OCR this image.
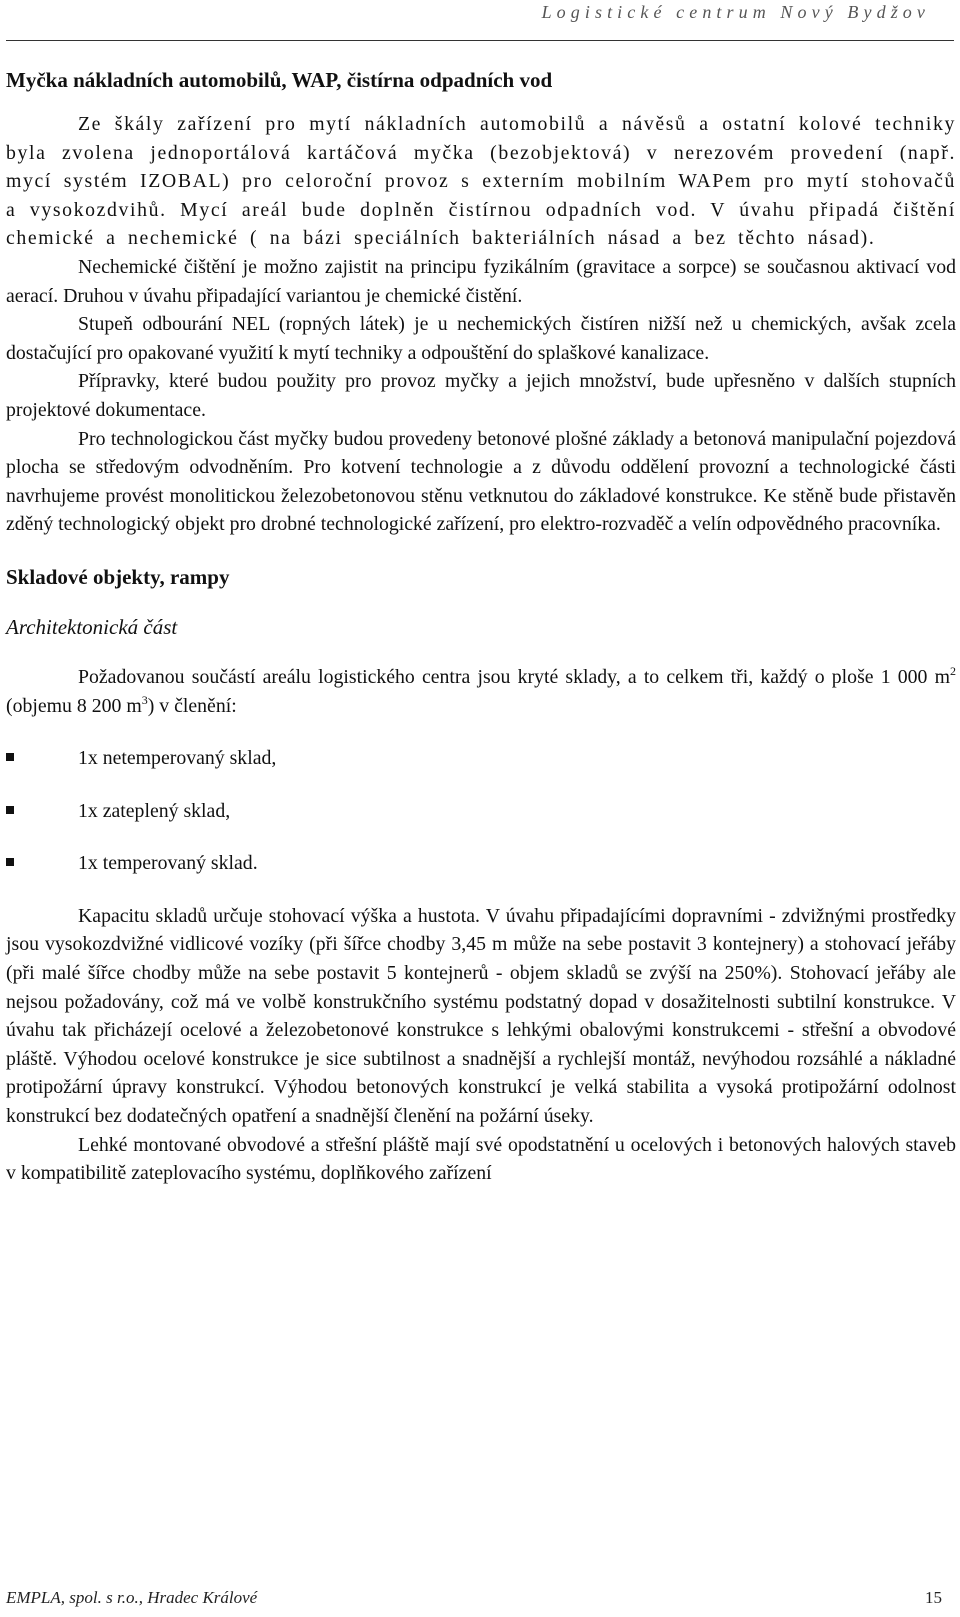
Logistické centrum Nový Bydžov
Myčka nákladních automobilů, WAP, čistírna odpadních vod

Ze škály zařízení pro mytí nákladních automobilů a návěsů a ostatní kolové techniky byla zvolena jednoportálová kartáčová myčka (bezobjektová) v nerezovém provedení (např. mycí systém IZOBAL) pro celoroční provoz s externím mobilním WAPem pro mytí stohovačů a vysokozdvihů. Mycí areál bude doplněn čistírnou odpadních vod. V úvahu připadá čištění chemické a nechemické ( na bázi speciálních bakteriálních násad a bez těchto násad).

Nechemické čištění je možno zajistit na principu fyzikálním (gravitace a sorpce) se současnou aktivací vod aerací. Druhou v úvahu připadající variantou je chemické čistění.

Stupeň odbourání NEL (ropných látek) je u nechemických čistíren nižší než u chemických, avšak zcela dostačující pro opakované využití k mytí techniky a odpouštění do splaškové kanalizace.

Přípravky, které budou použity pro provoz myčky a jejich množství, bude upřesněno v dalších stupních projektové dokumentace.

Pro technologickou část myčky budou provedeny betonové plošné základy a betonová manipulační pojezdová plocha se středovým odvodněním. Pro kotvení technologie a z důvodu oddělení provozní a technologické části navrhujeme provést monolitickou železobetonovou stěnu vetknutou do základové konstrukce. Ke stěně bude přistavěn zděný technologický objekt pro drobné technologické zařízení, pro elektro-rozvaděč a velín odpovědného pracovníka.

Skladové objekty, rampy
Architektonická část

Požadovanou součástí areálu logistického centra jsou kryté sklady, a to celkem tři, každý o ploše 1 000 $m^2$ (objemu 8 200 $m^3$) v členění:

1x netemperovaný sklad,
1x zateplený sklad,
1x temperovaný sklad.

Kapacitu skladů určuje stohovací výška a hustota. V úvahu připadajícími dopravními - zdvižnými prostředky jsou vysokozdvižné vidlicové vozíky (při šířce chodby 3,45 m může na sebe postavit 3 kontejnery) a stohovací jeřáby (při malé šířce chodby může na sebe postavit 5 kontejnerů - objem skladů se zvýší na 250%). Stohovací jeřáby ale nejsou požadovány, což má ve volbě konstrukčního systému podstatný dopad v dosažitelnosti subtilní konstrukce. V úvahu tak přicházejí ocelové a železobetonové konstrukce s lehkými obalovými konstrukcemi - střešní a obvodové pláště. Výhodou ocelové konstrukce je sice subtilnost a snadnější a rychlejší montáž, nevýhodou rozsáhlé a nákladné protipožární úpravy konstrukcí. Výhodou betonových konstrukcí je velká stabilita a vysoká protipožární odolnost konstrukcí bez dodatečných opatření a snadnější členění na požární úseky.

Lehké montované obvodové a střešní pláště mají své opodstatnění u ocelových i betonových halových staveb v kompatibilitě zateplovacího systému, doplňkového zařízení

EMPLA, spol. s r.o., Hradec Králové	15
